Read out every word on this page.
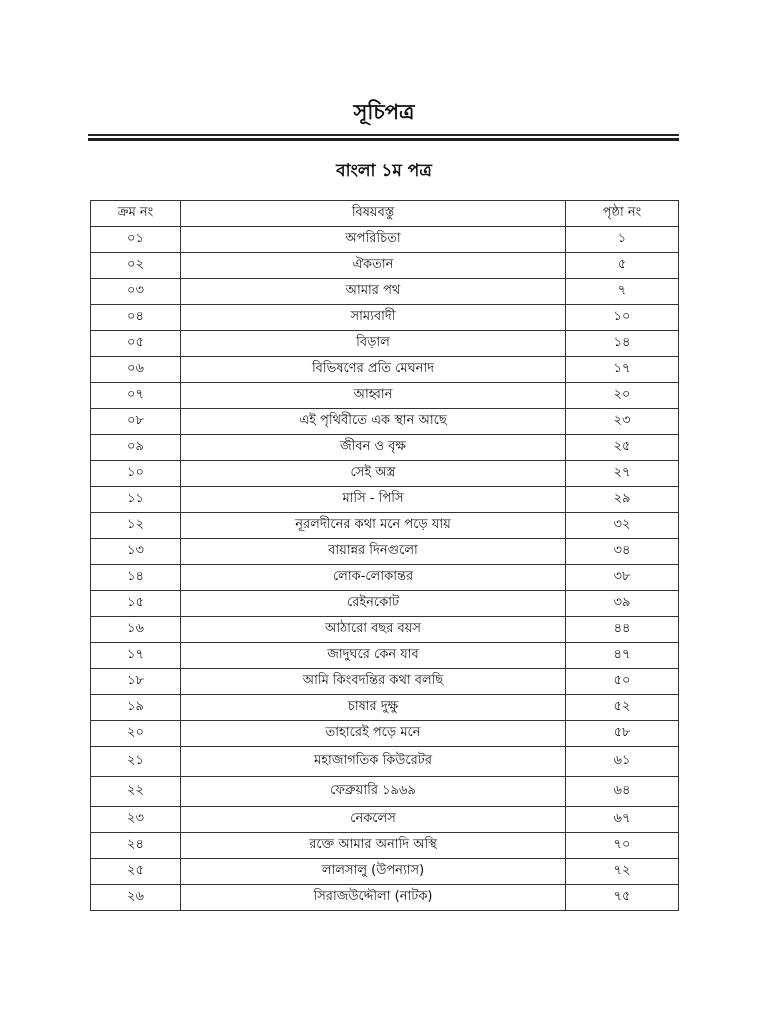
সূচিপত্র
বাংলা ১ম পত্র
ক্রম নং	বিষয়বস্তু	পৃষ্ঠা নং
০১	অপরিচিতা	১
০২	ঐকতান	৫
০৩	আমার পথ	৭
০৪	সাম্যবাদী	১০
০৫	বিড়াল	১৪
০৬	বিভিষণের প্রতি মেঘনাদ	১৭
০৭	আহ্বান	২০
০৮	এই পৃথিবীতে এক স্থান আছে	২৩
০৯	জীবন ও বৃক্ষ	২৫
১০	সেই অস্ত্র	২৭
১১	মাসি - পিসি	২৯
১২	নূরলদীনের কথা মনে পড়ে যায়	৩২
১৩	বায়ান্নর দিনগুলো	৩৪
১৪	লোক-লোকান্তর	৩৮
১৫	রেইনকোট	৩৯
১৬	আঠারো বছর বয়স	৪৪
১৭	জাদুঘরে কেন যাব	৪৭
১৮	আমি কিংবদন্তির কথা বলছি	৫০
১৯	চাষার দুক্ষু	৫২
২০	তাহারেই পড়ে মনে	৫৮
২১	মহাজাগতিক কিউরেটর	৬১
২২	ফেব্রুয়ারি ১৯৬৯	৬৪
২৩	নেকলেস	৬৭
২৪	রক্তে আমার অনাদি অস্থি	৭০
২৫	লালসালু (উপন্যাস)	৭২
২৬	সিরাজউদ্দৌলা (নাটক)	৭৫
